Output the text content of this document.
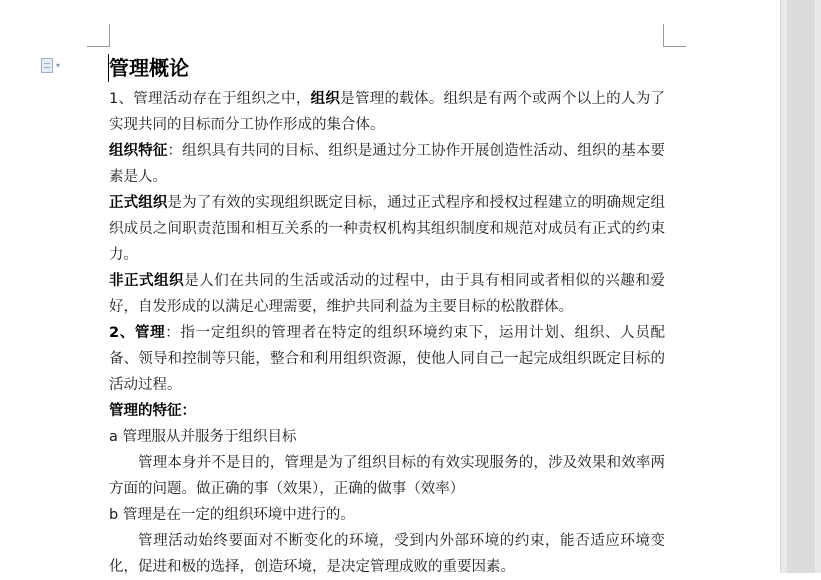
▾ 管理概论

1、管理活动存在于组织之中，组织是管理的载体。组织是有两个或两个以上的人为了实现共同的目标而分工协作形成的集合体。

组织特征：组织具有共同的目标、组织是通过分工协作开展创造性活动、组织的基本要素是人。

正式组织是为了有效的实现组织既定目标，通过正式程序和授权过程建立的明确规定组织成员之间职责范围和相互关系的一种责权机构其组织制度和规范对成员有正式的约束力。

非正式组织是人们在共同的生活或活动的过程中，由于具有相同或者相似的兴趣和爱好，自发形成的以满足心理需要，维护共同利益为主要目标的松散群体。

2、管理：指一定组织的管理者在特定的组织环境约束下，运用计划、组织、人员配备、领导和控制等只能，整合和利用组织资源，使他人同自己一起完成组织既定目标的活动过程。

管理的特征：

a 管理服从并服务于组织目标

管理本身并不是目的，管理是为了组织目标的有效实现服务的，涉及效果和效率两方面的问题。做正确的事（效果），正确的做事（效率）

b 管理是在一定的组织环境中进行的。

管理活动始终要面对不断变化的环境，受到内外部环境的约束，能否适应环境变化，促进和极的选择，创造环境，是决定管理成败的重要因素。
